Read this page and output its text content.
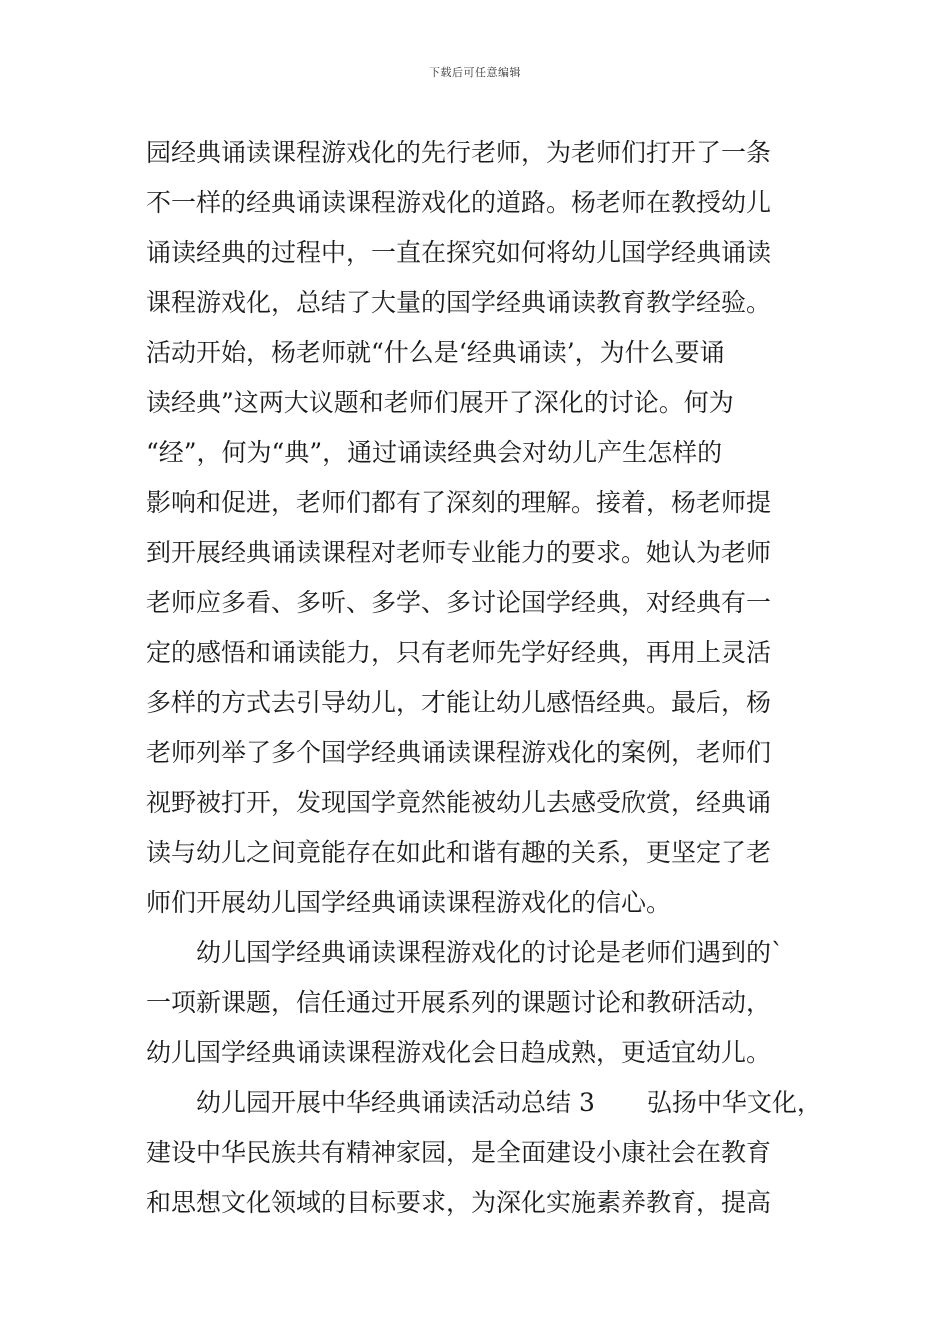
下载后可任意编辑
园经典诵读课程游戏化的先行老师，为老师们打开了一条
不一样的经典诵读课程游戏化的道路。杨老师在教授幼儿
诵读经典的过程中，一直在探究如何将幼儿国学经典诵读
课程游戏化，总结了大量的国学经典诵读教育教学经验。
活动开始，杨老师就“什么是‘经典诵读’，为什么要诵
读经典”这两大议题和老师们展开了深化的讨论。何为
“经”，何为“典”，通过诵读经典会对幼儿产生怎样的
影响和促进，老师们都有了深刻的理解。接着，杨老师提
到开展经典诵读课程对老师专业能力的要求。她认为老师
老师应多看、多听、多学、多讨论国学经典，对经典有一
定的感悟和诵读能力，只有老师先学好经典，再用上灵活
多样的方式去引导幼儿，才能让幼儿感悟经典。最后，杨
老师列举了多个国学经典诵读课程游戏化的案例，老师们
视野被打开，发现国学竟然能被幼儿去感受欣赏，经典诵
读与幼儿之间竟能存在如此和谐有趣的关系，更坚定了老
师们开展幼儿国学经典诵读课程游戏化的信心。
幼儿国学经典诵读课程游戏化的讨论是老师们遇到的`
一项新课题，信任通过开展系列的课题讨论和教研活动，
幼儿国学经典诵读课程游戏化会日趋成熟，更适宜幼儿。
幼儿园开展中华经典诵读活动总结 3 弘扬中华文化，
建设中华民族共有精神家园，是全面建设小康社会在教育
和思想文化领域的目标要求，为深化实施素养教育，提高
